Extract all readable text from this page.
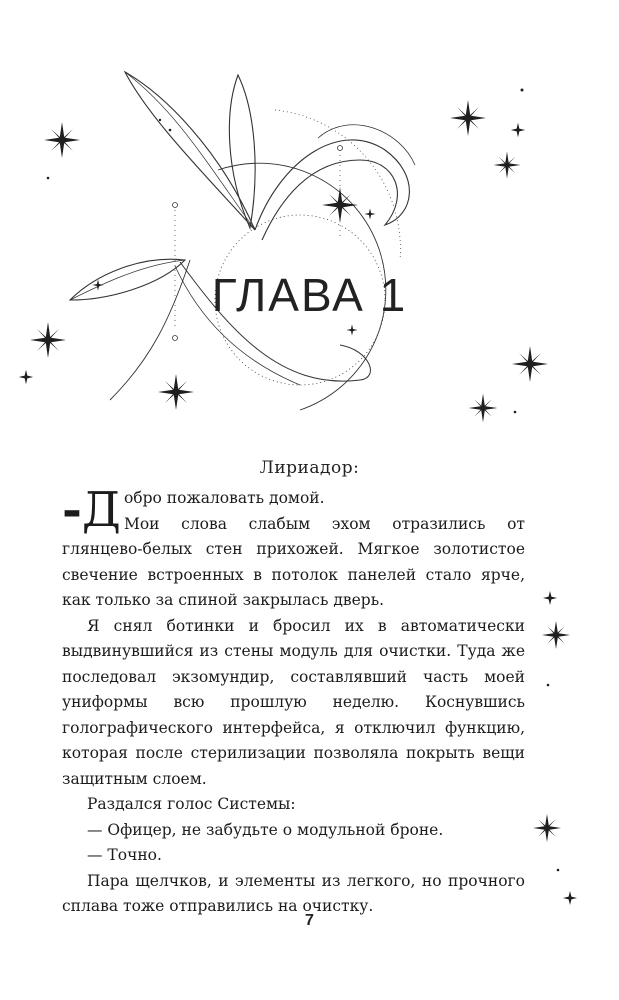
ГЛАВА 1
Лириадор:

-Д обро пожаловать домой.
Мои слова слабым эхом отразились от глянцево-белых стен прихожей. Мягкое золотистое свечение встроенных в потолок панелей стало ярче, как только за спиной закрылась дверь.

Я снял ботинки и бросил их в автоматически выдвинувшийся из стены модуль для очистки. Туда же последовал экзомундир, составлявший часть моей униформы всю прошлую неделю. Коснувшись голографического интерфейса, я отключил функцию, которая после стерилизации позволяла покрыть вещи защитным слоем.

Раздался голос Системы:

— Офицер, не забудьте о модульной броне.

— Точно.

Пара щелчков, и элементы из легкого, но прочного сплава тоже отправились на очистку.

7
